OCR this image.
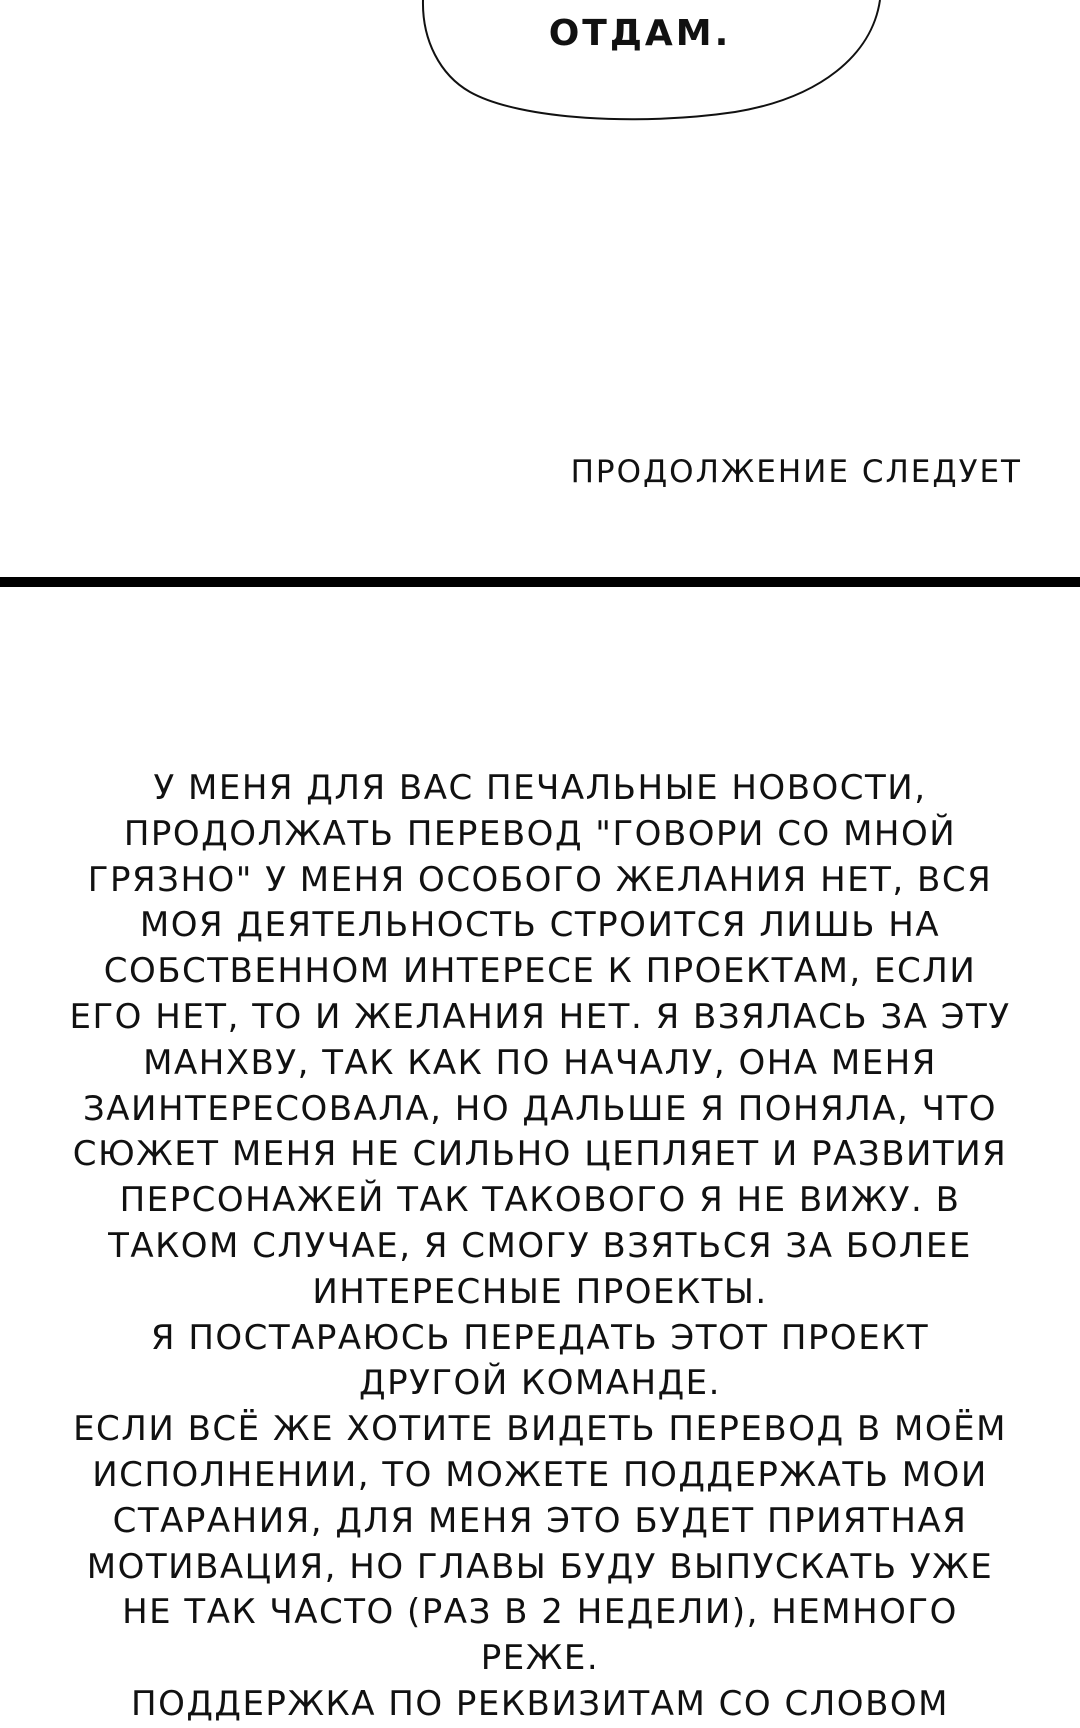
ОТДАМ.
ПРОДОЛЖЕНИЕ СЛЕДУЕТ

У МЕНЯ ДЛЯ ВАС ПЕЧАЛЬНЫЕ НОВОСТИ,
ПРОДОЛЖАТЬ ПЕРЕВОД "ГОВОРИ СО МНОЙ
ГРЯЗНО" У МЕНЯ ОСОБОГО ЖЕЛАНИЯ НЕТ, ВСЯ
МОЯ ДЕЯТЕЛЬНОСТЬ СТРОИТСЯ ЛИШЬ НА
СОБСТВЕННОМ ИНТЕРЕСЕ К ПРОЕКТАМ, ЕСЛИ
ЕГО НЕТ, ТО И ЖЕЛАНИЯ НЕТ. Я ВЗЯЛАСЬ ЗА ЭТУ
МАНХВУ, ТАК КАК ПО НАЧАЛУ, ОНА МЕНЯ
ЗАИНТЕРЕСОВАЛА, НО ДАЛЬШЕ Я ПОНЯЛА, ЧТО
СЮЖЕТ МЕНЯ НЕ СИЛЬНО ЦЕПЛЯЕТ И РАЗВИТИЯ
ПЕРСОНАЖЕЙ ТАК ТАКОВОГО Я НЕ ВИЖУ. В
ТАКОМ СЛУЧАЕ, Я СМОГУ ВЗЯТЬСЯ ЗА БОЛЕЕ
ИНТЕРЕСНЫЕ ПРОЕКТЫ.

Я ПОСТАРАЮСЬ ПЕРЕДАТЬ ЭТОТ ПРОЕКТ
ДРУГОЙ КОМАНДЕ.

ЕСЛИ ВСЁ ЖЕ ХОТИТЕ ВИДЕТЬ ПЕРЕВОД В МОЁМ
ИСПОЛНЕНИИ, ТО МОЖЕТЕ ПОДДЕРЖАТЬ МОИ
СТАРАНИЯ, ДЛЯ МЕНЯ ЭТО БУДЕТ ПРИЯТНАЯ
МОТИВАЦИЯ, НО ГЛАВЫ БУДУ ВЫПУСКАТЬ УЖЕ
НЕ ТАК ЧАСТО (РАЗ В 2 НЕДЕЛИ), НЕМНОГО
РЕЖЕ.

ПОДДЕРЖКА ПО РЕКВИЗИТАМ СО СЛОВОМ
